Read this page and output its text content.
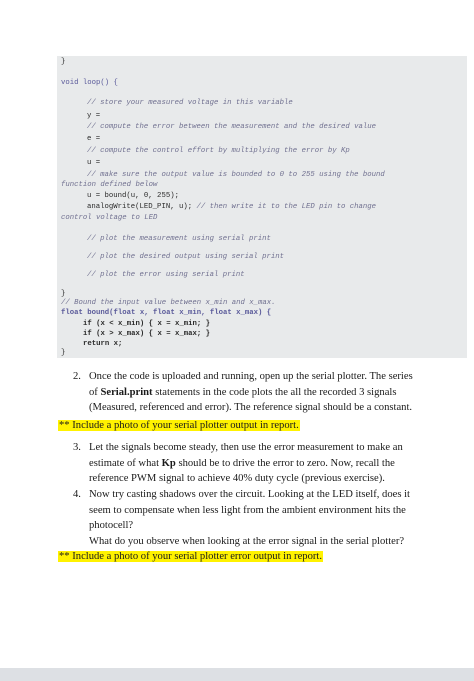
}
void loop() {
// store your measured voltage in this variable
y =
// compute the error between the measurement and the desired value
e =
// compute the control effort by multiplying the error by Kp
u =
// make sure the output value is bounded to 0 to 255 using the bound
function defined below
u = bound(u, 0, 255);
analogWrite(LED_PIN, u); // then write it to the LED pin to change
control voltage to LED
// plot the measurement using serial print
// plot the desired output using serial print
// plot the error using serial print
}
// Bound the input value between x_min and x_max.
float bound(float x, float x_min, float x_max) {
if (x < x_min) { x = x_min; }
if (x > x_max) { x = x_max; }
return x;
}
2. Once the code is uploaded and running, open up the serial plotter. The series
of Serial.print statements in the code plots the all the recorded 3 signals
(Measured, referenced and error). The reference signal should be a constant.
** Include a photo of your serial plotter output in report.
3. Let the signals become steady, then use the error measurement to make an
estimate of what Kp should be to drive the error to zero. Now, recall the
reference PWM signal to achieve 40% duty cycle (previous exercise).
4. Now try casting shadows over the circuit. Looking at the LED itself, does it
seem to compensate when less light from the ambient environment hits the
photocell?
What do you observe when looking at the error signal in the serial plotter?
** Include a photo of your serial plotter error output in report.
